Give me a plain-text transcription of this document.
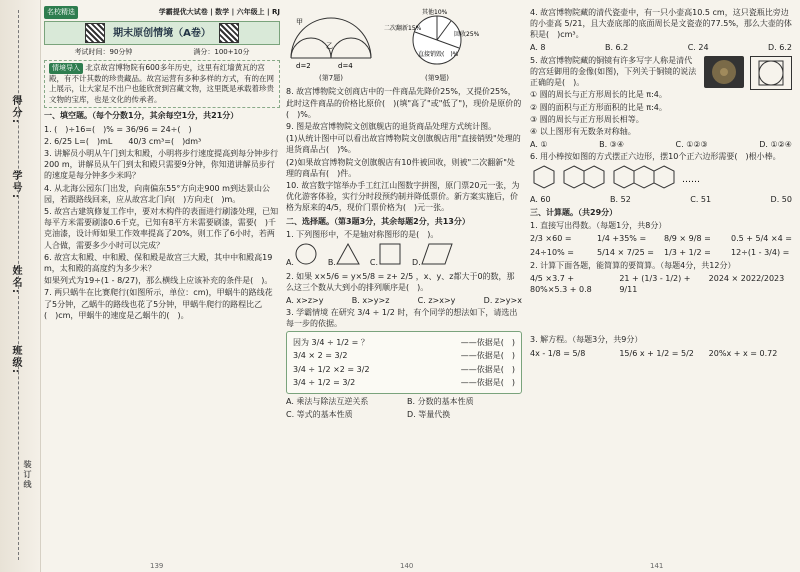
得分:
学号:
姓名:
班级:
装订线
名校精选	学霸提优大试卷 | 数学 | 六年级上 | RJ
期末原创情境（A卷）
考试时间：90分钟	满分：100+10分
情境导入 北京故宫博物院有600多年历史，这里有红墙黄瓦的宫殿，有不计其数的珍贵藏品。故宫运营有多种多样的方式，有的在网上展示，让大家足不出户也能欣赏到宫藏文物，这里既是承载着珍贵文物的宝库，也是文化的传承者。
一、填空题。（每个分数1分，其余每空1分，共21分）
1. (　)÷16=(　)% = 36/96 = 24÷(　)
2. 6/25 L=(　)mL　　40/3 cm³=(　)dm³
3. 讲解员小明从午门到太和殿，小明将步行速度提高到每分钟步行200 m，讲解员从午门到太和殿只需要9分钟，你知道讲解员步行的速度是每分钟多少米吗？
4. 从北海公园东门出发，向南偏东55°方向走900 m到达景山公园，若跟路线回来，应从故宫北门向(　)方向走(　)m。
5. 故宫古建筑修复工作中，要对木构件的表面进行刷漆处理，已知每平方米需要刷漆0.6千克，已知有8平方米需要刷漆，需要(　)千克油漆，设计师如果工作效率提高了20%，则工作了6小时，若两人合做，需要多少小时可以完成？
6. 故宫太和殿、中和殿、保和殿是故宫三大殿，其中中和殿高19 m，太和殿的高度约为多少米？
如果列式为19÷(1 - 8/27)，那么横线上应该补充的条件是(　)。
7. 两只蜗牛在比赛爬行(如图所示，单位：cm)，甲蜗牛的路线花了5分钟，乙蜗牛的路线也花了5分钟，甲蜗牛爬行的路程比乙(　)cm，甲蜗牛的速度是乙蜗牛的(　)。
139
甲
乙
d=2	d=4
(第7题)
其他10%
二次翻新15%
回收25%
直接销毁(　)%
(第9题)
8. 故宫博物院文创商店中的一件商品先降价25%，又提价25%，此时这件商品的价格比原价(　)(填"高了"或"低了")，现价是原价的(　)%。
9. 图是故宫博物院文创旗舰店的退货商品处理方式统计图。
(1)从统计图中可以看出故宫博物院文创旗舰店用"直接销毁"处理的退货商品占(　)%。
(2)如果故宫博物院文创旗舰店有10件被回收，则被"二次翻新"处理的商品有(　)件。
10. 故宫数字馆举办手工红江山图数字拼图，原门票20元一张，为优化游客体验，实行分时段预约制并降低票价。新方案实施后，价格为原来的4/5，现价门票价格为(　)元一张。
二、选择题。（第3题3分，其余每题2分，共13分）
1. 下列图形中，不是轴对称图形的是(　)。
A.	B.	C.	D.
2. 如果 x×5/6 = y×5/8 = z+ 2/5 ，x、y、z都大于0的数，那么这三个数从大到小的排列顺序是(　)。
A. x>z>y	B. x>y>z	C. z>x>y	D. z>y>x
3. 学霸情境 在研究 3/4 ÷ 1/2 时，有个同学的想法如下，请选出每一步的依据。
因为 3/4 ÷ 1/2 = ？	——依据是(　)
3/4 × 2 = 3/2	——依据是(　)
3/4 ÷ 1/2 ×2 = 3/2	——依据是(　)
3/4 ÷ 1/2 = 3/2	——依据是(　)
A. 乘法与除法互逆关系	B. 分数的基本性质
C. 等式的基本性质	D. 等量代换
140
4. 故宫博物院藏的清代瓷壶中，有一只小壶高10.5 cm，这只瓷瓶比旁边的小壶高 5/21，且大壶底部的底面周长是文瓷壶的77.5%，那么大壶的体积是(　)cm³。
A. 8	B. 6.2	C. 24	D. 6.2
5. 故宫博物院藏的铜镜有许多写字人称是清代的宫廷御用的金像(如图)，下列关于铜镜的说法正确的是(　)。
① 圆的周长与正方形周长的比是 π:4。
② 圆的面积与正方形面积的比是 π:4。
③ 圆的周长与正方形周长相等。
④ 以上图形有无数条对称轴。
A. ①	B. ③④	C. ①②③	D. ①②④
6. 用小棒按如图的方式摆正六边形，摆10个正六边形需要(　)根小棒。
……
A. 60	B. 52	C. 51	D. 50
三、计算题。（共29分）
1. 直接写出得数。（每题1分，共8分）
2/3 ×60 =	1/4 +35% =	8/9 × 9/8 =	0.5 + 5/4 ×4 =
24÷10% =	5/14 × 7/25 =	1/3 + 1/2 =	12÷(1 - 3/4) =
2. 计算下面各题，能简算的要简算。（每题4分，共12分）
4/5 ×3.7 + 80%×5.3 + 0.8
21 + (1/3 - 1/2) + 9/11
2024 × 2022/2023
3. 解方程。（每题3分，共9分）
4x - 1/8 = 5/8	15/6 x + 1/2 = 5/2	20%x + x = 0.72
141
